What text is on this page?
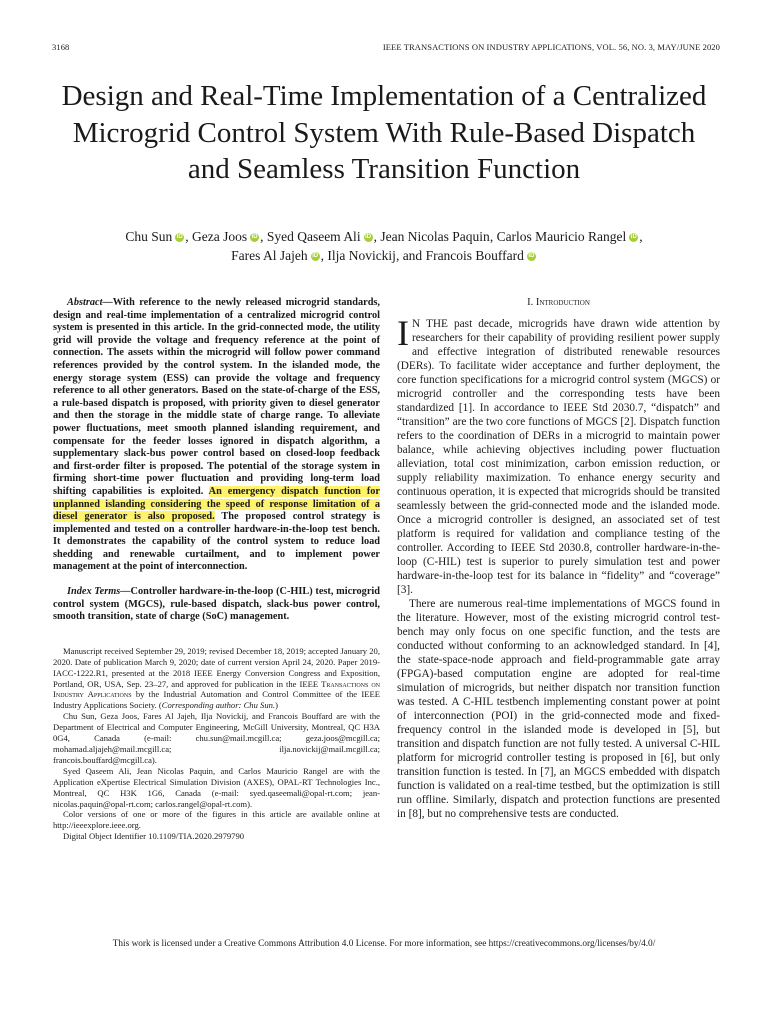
3168	IEEE TRANSACTIONS ON INDUSTRY APPLICATIONS, VOL. 56, NO. 3, MAY/JUNE 2020
Design and Real-Time Implementation of a Centralized Microgrid Control System With Rule-Based Dispatch and Seamless Transition Function
Chu Sun iD , Geza Joos iD , Syed Qaseem Ali iD , Jean Nicolas Paquin, Carlos Mauricio Rangel iD ,
Fares Al Jajeh iD , Ilja Novickij, and Francois Bouffard iD

Abstract—With reference to the newly released microgrid standards, design and real-time implementation of a centralized microgrid control system is presented in this article. In the grid-connected mode, the utility grid will provide the voltage and frequency reference at the point of connection. The assets within the microgrid will follow power command references provided by the control system. In the islanded mode, the energy storage system (ESS) can provide the voltage and frequency reference to all other generators. Based on the state-of-charge of the ESS, a rule-based dispatch is proposed, with priority given to diesel generator and then the storage in the middle state of charge range. To alleviate power fluctuations, meet smooth planned islanding requirement, and compensate for the feeder losses ignored in dispatch algorithm, a supplementary slack-bus power control based on closed-loop feedback and first-order filter is proposed. The potential of the storage system in firming short-time power fluctuation and providing long-term load shifting capabilities is exploited. An emergency dispatch function for unplanned islanding considering the speed of response limitation of a diesel generator is also proposed. The proposed control strategy is implemented and tested on a controller hardware-in-the-loop test bench. It demonstrates the capability of the control system to reduce load shedding and renewable curtailment, and to implement power management at the point of interconnection.

Index Terms—Controller hardware-in-the-loop (C-HIL) test, microgrid control system (MGCS), rule-based dispatch, slack-bus power control, smooth transition, state of charge (SoC) management.

Manuscript received September 29, 2019; revised December 18, 2019; accepted January 20, 2020. Date of publication March 9, 2020; date of current version April 24, 2020. Paper 2019-IACC-1222.R1, presented at the 2018 IEEE Energy Conversion Congress and Exposition, Portland, OR, USA, Sep. 23–27, and approved for publication in the IEEE Transactions on Industry Applications by the Industrial Automation and Control Committee of the IEEE Industry Applications Society. (Corresponding author: Chu Sun.)

Chu Sun, Geza Joos, Fares Al Jajeh, Ilja Novickij, and Francois Bouffard are with the Department of Electrical and Computer Engineering, McGill University, Montreal, QC H3A 0G4, Canada (e-mail: chu.sun@mail.mcgill.ca; geza.joos@mcgill.ca; mohamad.aljajeh@mail.mcgill.ca; ilja.novickij@mail.mcgill.ca; francois.bouffard@mcgill.ca).

Syed Qaseem Ali, Jean Nicolas Paquin, and Carlos Mauricio Rangel are with the Application eXpertise Electrical Simulation Division (AXES), OPAL-RT Technologies Inc., Montreal, QC H3K 1G6, Canada (e-mail: syed.qaseemali@opal-rt.com; jean-nicolas.paquin@opal-rt.com; carlos.rangel@opal-rt.com).

Color versions of one or more of the figures in this article are available online at http://ieeexplore.ieee.org.

Digital Object Identifier 10.1109/TIA.2020.2979790

I. Introduction

I N THE past decade, microgrids have drawn wide attention by researchers for their capability of providing resilient power supply and effective integration of distributed renewable resources (DERs). To facilitate wider acceptance and further deployment, the core function specifications for a microgrid control system (MGCS) or microgrid controller and the corresponding tests have been standardized [1]. In accordance to IEEE Std 2030.7, “dispatch” and “transition” are the two core functions of MGCS [2]. Dispatch function refers to the coordination of DERs in a microgrid to maintain power balance, while achieving objectives including power fluctuation alleviation, total cost minimization, carbon emission reduction, or supply reliability maximization. To enhance energy security and continuous operation, it is expected that microgrids should be transited seamlessly between the grid-connected mode and the islanded mode. Once a microgrid controller is designed, an associated set of test platform is required for validation and compliance testing of the controller. According to IEEE Std 2030.8, controller hardware-in-the-loop (C-HIL) test is superior to purely simulation test and power hardware-in-the-loop test for its balance in “fidelity” and “coverage” [3].

There are numerous real-time implementations of MGCS found in the literature. However, most of the existing microgrid control test-bench may only focus on one specific function, and the tests are conducted without conforming to an acknowledged standard. In [4], the state-space-node approach and field-programmable gate array (FPGA)-based computation engine are adopted for real-time simulation of microgrids, but neither dispatch nor transition function was tested. A C-HIL testbench implementing constant power at point of interconnection (POI) in the grid-connected mode and fixed-frequency control in the islanded mode is developed in [5], but transition and dispatch function are not fully tested. A universal C-HIL platform for microgrid controller testing is proposed in [6], but only transition function is tested. In [7], an MGCS embedded with dispatch function is validated on a real-time testbed, but the optimization is still run offline. Similarly, dispatch and protection functions are presented in [8], but no comprehensive tests are conducted.

This work is licensed under a Creative Commons Attribution 4.0 License. For more information, see https://creativecommons.org/licenses/by/4.0/
